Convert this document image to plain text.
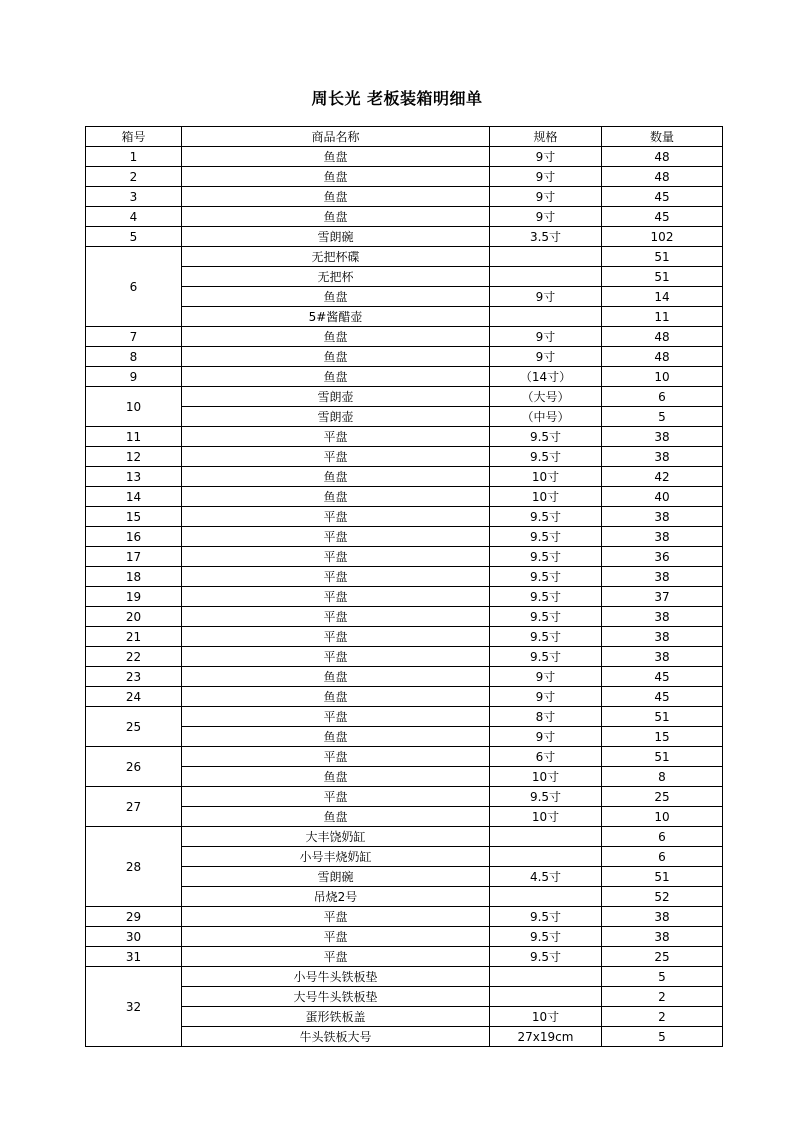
周长光 老板装箱明细单
箱号	商品名称	规格	数量
1	鱼盘	9寸	48
2	鱼盘	9寸	48
3	鱼盘	9寸	45
4	鱼盘	9寸	45
5	雪朗碗	3.5寸	102
6	无把杯碟		51
	无把杯		51
	鱼盘	9寸	14
	5#酱醋壶		11
7	鱼盘	9寸	48
8	鱼盘	9寸	48
9	鱼盘	（14寸）	10
10	雪朗壶	（大号）	6
	雪朗壶	（中号）	5
11	平盘	9.5寸	38
12	平盘	9.5寸	38
13	鱼盘	10寸	42
14	鱼盘	10寸	40
15	平盘	9.5寸	38
16	平盘	9.5寸	38
17	平盘	9.5寸	36
18	平盘	9.5寸	38
19	平盘	9.5寸	37
20	平盘	9.5寸	38
21	平盘	9.5寸	38
22	平盘	9.5寸	38
23	鱼盘	9寸	45
24	鱼盘	9寸	45
25	平盘	8寸	51
	鱼盘	9寸	15
26	平盘	6寸	51
	鱼盘	10寸	8
27	平盘	9.5寸	25
	鱼盘	10寸	10
28	大丰饶奶缸		6
	小号丰烧奶缸		6
	雪朗碗	4.5寸	51
	吊烧2号		52
29	平盘	9.5寸	38
30	平盘	9.5寸	38
31	平盘	9.5寸	25
32	小号牛头铁板垫		5
	大号牛头铁板垫		2
	蛋形铁板盖	10寸	2
	牛头铁板大号	27x19cm	5
